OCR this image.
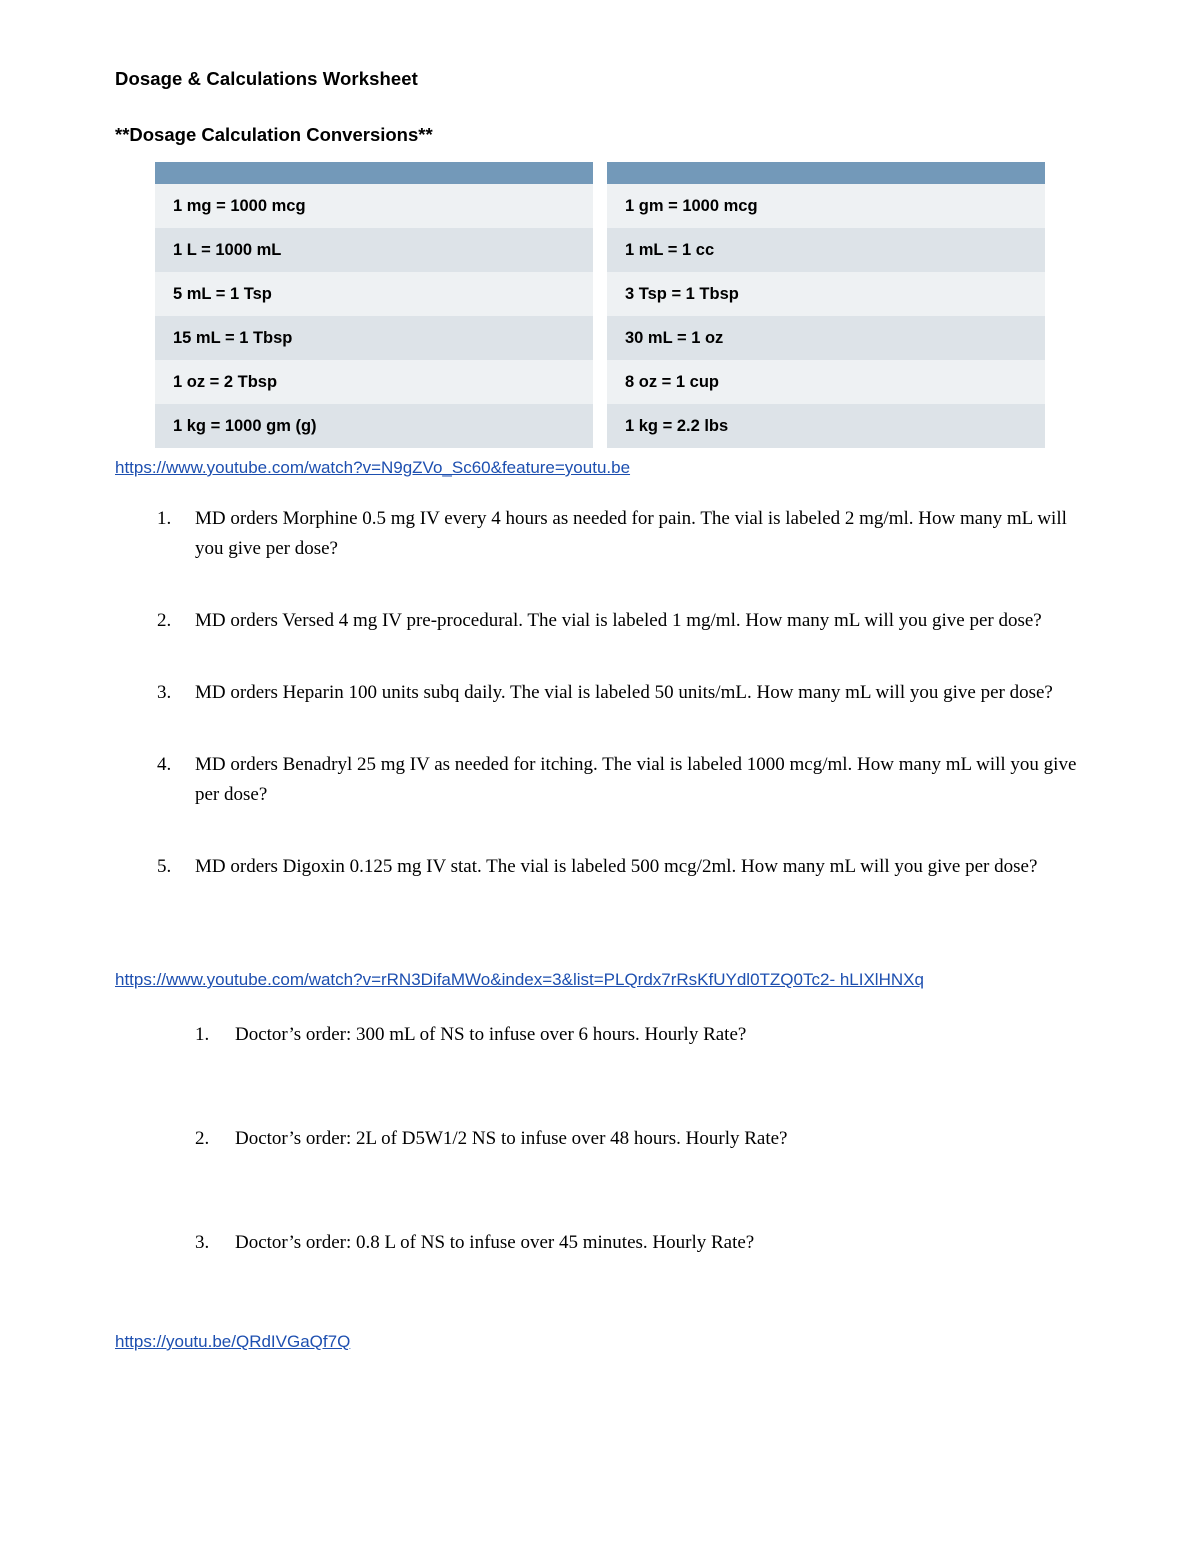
Dosage & Calculations Worksheet
**Dosage Calculation Conversions**

1 mg = 1000 mcg		1 gm = 1000 mcg
1 L = 1000 mL		1 mL = 1 cc
5 mL = 1 Tsp		3 Tsp = 1 Tbsp
15 mL = 1 Tbsp		30 mL = 1 oz
1 oz = 2 Tbsp		8 oz = 1 cup
1 kg = 1000 gm (g)		1 kg = 2.2 lbs
https://www.youtube.com/watch?v=N9gZVo_Sc60&feature=youtu.be
1. MD orders Morphine 0.5 mg IV every 4 hours as needed for pain. The vial is labeled 2 mg/ml. How many mL will you give per dose?
2. MD orders Versed 4 mg IV pre-procedural. The vial is labeled 1 mg/ml. How many mL will you give per dose?
3. MD orders Heparin 100 units subq daily. The vial is labeled 50 units/mL. How many mL will you give per dose?
4. MD orders Benadryl 25 mg IV as needed for itching. The vial is labeled 1000 mcg/ml. How many mL will you give per dose?
5. MD orders Digoxin 0.125 mg IV stat. The vial is labeled 500 mcg/2ml. How many mL will you give per dose?
https://www.youtube.com/watch?v=rRN3DifaMWo&index=3&list=PLQrdx7rRsKfUYdl0TZQ0Tc2- hLIXlHNXq
1. Doctor’s order: 300 mL of NS to infuse over 6 hours. Hourly Rate?
2. Doctor’s order: 2L of D5W1/2 NS to infuse over 48 hours. Hourly Rate?
3. Doctor’s order: 0.8 L of NS to infuse over 45 minutes. Hourly Rate?
https://youtu.be/QRdIVGaQf7Q
